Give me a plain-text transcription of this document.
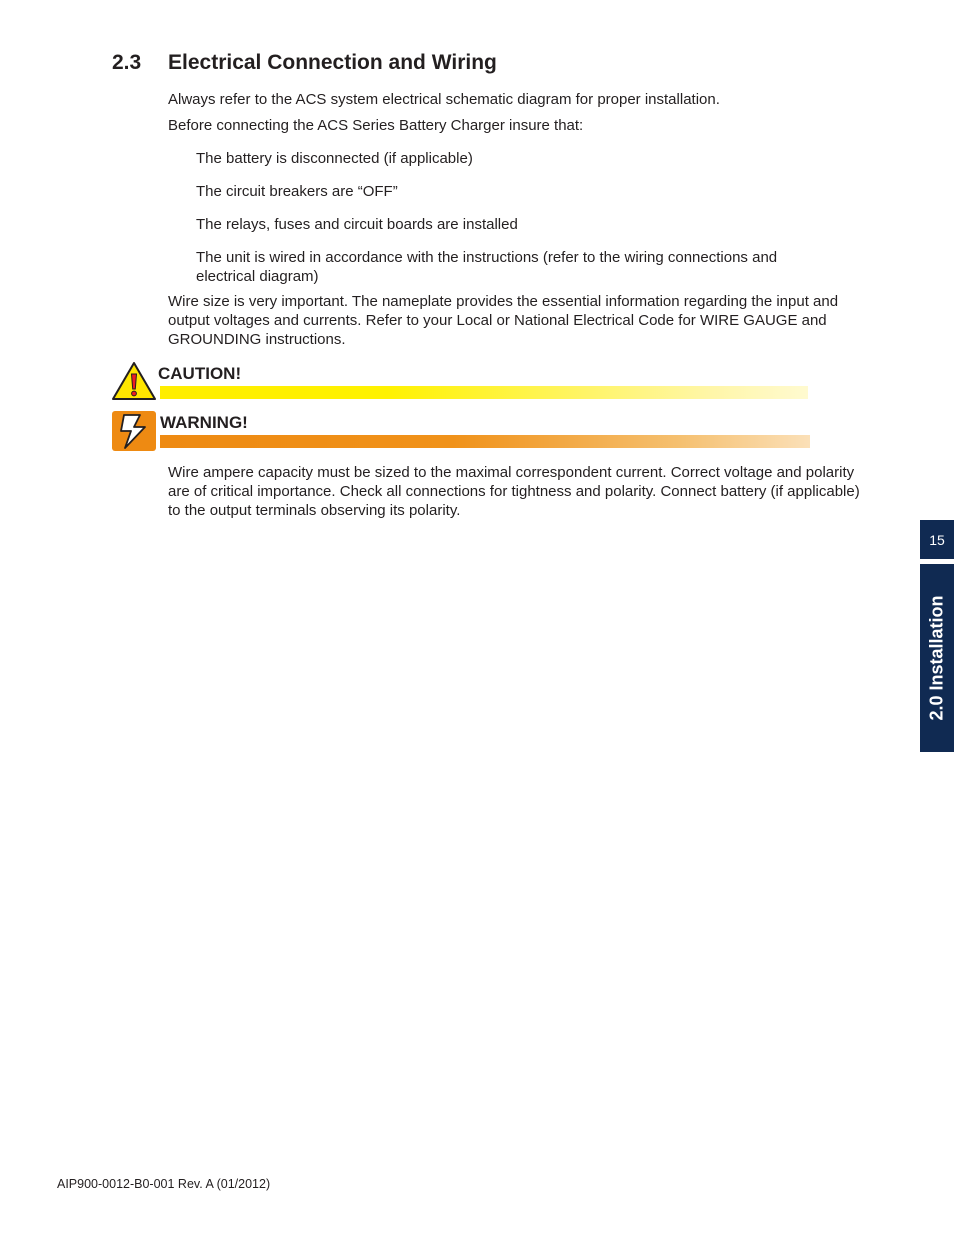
2.3 Electrical Connection and Wiring
Always refer to the ACS system electrical schematic diagram for proper installation.
Before connecting the ACS Series Battery Charger insure that:
The battery is disconnected (if applicable)
The circuit breakers are “OFF”
The relays, fuses and circuit boards are installed
The unit is wired in accordance with the instructions (refer to the wiring connections and electrical diagram)
Wire size is very important. The nameplate provides the essential information regarding the input and output voltages and currents. Refer to your Local or National Electrical Code for WIRE GAUGE and GROUNDING instructions.
CAUTION!
WARNING!
Wire ampere capacity must be sized to the maximal correspondent current. Correct voltage and polarity are of critical importance. Check all connections for tightness and polarity. Connect battery (if applicable) to the output terminals observing its polarity.
15
2.0 Installation
AIP900-0012-B0-001 Rev. A (01/2012)
